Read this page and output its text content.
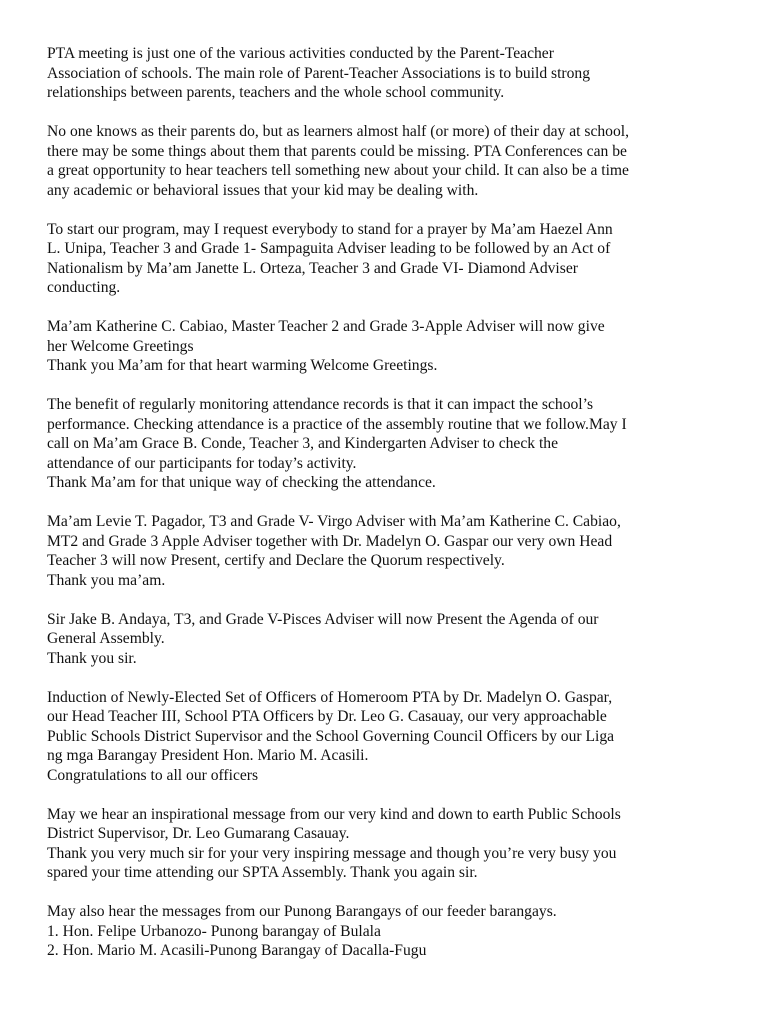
PTA meeting is just one of the various activities conducted by the Parent-Teacher
Association of schools. The main role of Parent-Teacher Associations is to build strong
relationships between parents, teachers and the whole school community.
No one knows as their parents do, but as learners almost half (or more) of their day at school,
there may be some things about them that parents could be missing. PTA Conferences can be
a great opportunity to hear teachers tell something new about your child. It can also be a time
any academic or behavioral issues that your kid may be dealing with.
To start our program, may I request everybody to stand for a prayer by Ma’am Haezel Ann
L. Unipa, Teacher 3 and Grade 1- Sampaguita Adviser leading to be followed by an Act of
Nationalism by Ma’am Janette L. Orteza, Teacher 3 and Grade VI- Diamond Adviser
conducting.
Ma’am Katherine C. Cabiao, Master Teacher 2 and Grade 3-Apple Adviser will now give
her Welcome Greetings
Thank you Ma’am for that heart warming Welcome Greetings.
The benefit of regularly monitoring attendance records is that it can impact the school’s
performance. Checking attendance is a practice of the assembly routine that we follow.May I
call on Ma’am Grace B. Conde, Teacher 3, and Kindergarten Adviser to check the
attendance of our participants for today’s activity.
Thank Ma’am for that unique way of checking the attendance.
Ma’am Levie T. Pagador, T3 and Grade V- Virgo Adviser with Ma’am Katherine C. Cabiao,
MT2 and Grade 3 Apple Adviser together with Dr. Madelyn O. Gaspar our very own Head
Teacher 3 will now Present, certify and Declare the Quorum respectively.
Thank you ma’am.
Sir Jake B. Andaya, T3, and Grade V-Pisces Adviser will now Present the Agenda of our
General Assembly.
Thank you sir.
Induction of Newly-Elected Set of Officers of Homeroom PTA by Dr. Madelyn O. Gaspar,
our Head Teacher III, School PTA Officers by Dr. Leo G. Casauay, our very approachable
Public Schools District Supervisor and the School Governing Council Officers by our Liga
ng mga Barangay President Hon. Mario M. Acasili.
Congratulations to all our officers
May we hear an inspirational message from our very kind and down to earth Public Schools
District Supervisor, Dr. Leo Gumarang Casauay.
Thank you very much sir for your very inspiring message and though you’re very busy you
spared your time attending our SPTA Assembly. Thank you again sir.
May also hear the messages from our Punong Barangays of our feeder barangays.
1. Hon. Felipe Urbanozo- Punong barangay of Bulala
2. Hon. Mario M. Acasili-Punong Barangay of Dacalla-Fugu
